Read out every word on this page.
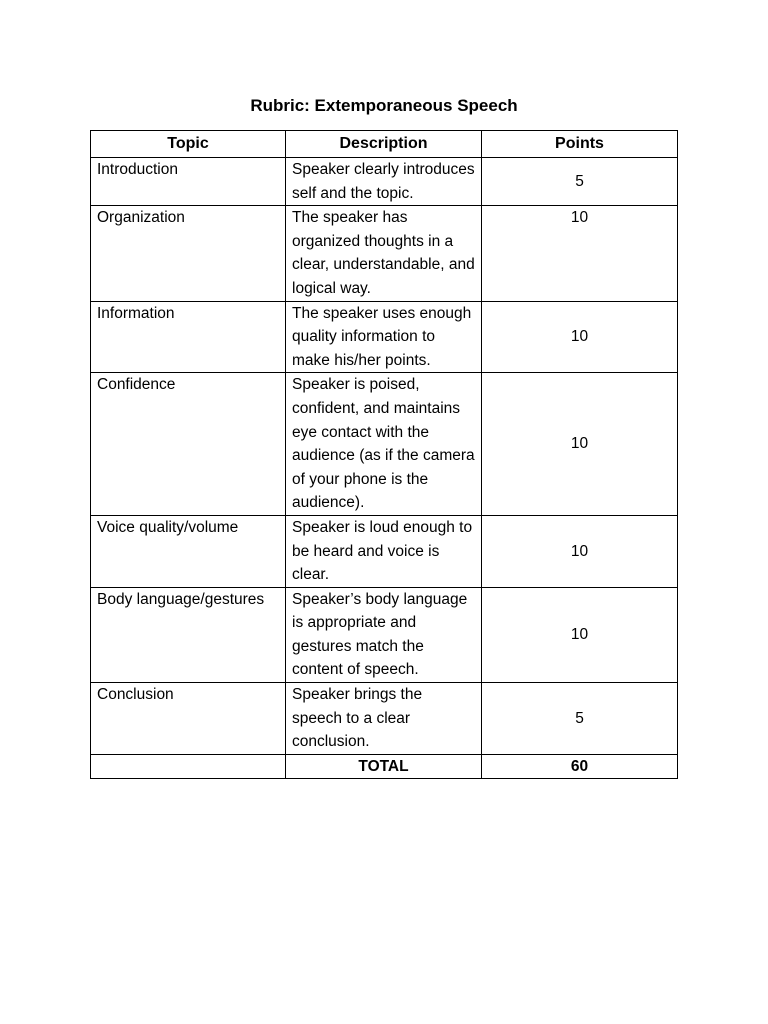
Rubric: Extemporaneous Speech
Topic	Description	Points
Introduction	Speaker clearly introduces self and the topic.	5
Organization	The speaker has organized thoughts in a clear, understandable, and logical way.	10
Information	The speaker uses enough quality information to make his/her points.	10
Confidence	Speaker is poised, confident, and maintains eye contact with the audience (as if the camera of your phone is the audience).	10
Voice quality/volume	Speaker is loud enough to be heard and voice is clear.	10
Body language/gestures	Speaker’s body language is appropriate and gestures match the content of speech.	10
Conclusion	Speaker brings the speech to a clear conclusion.	5
	TOTAL	60
